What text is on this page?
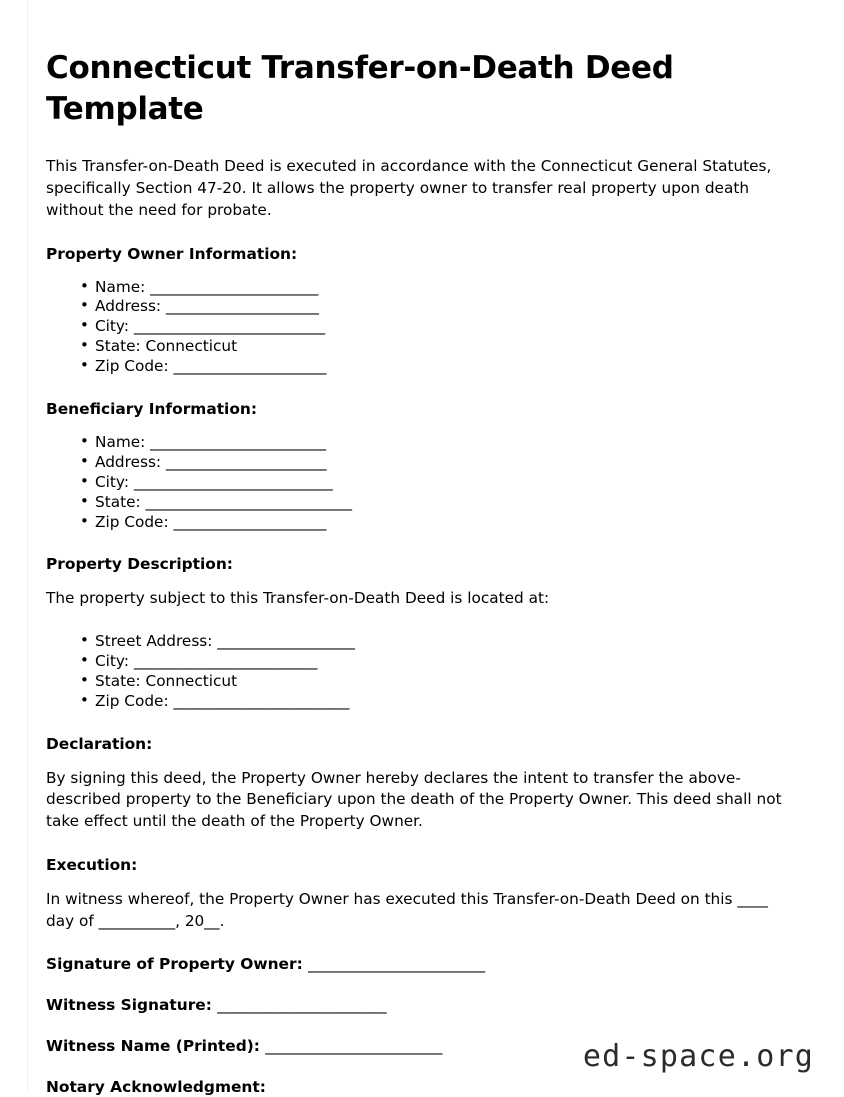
Connecticut Transfer-on-Death Deed Template

This Transfer-on-Death Deed is executed in accordance with the Connecticut General Statutes, specifically Section 47-20. It allows the property owner to transfer real property upon death without the need for probate.

Property Owner Information:
• Name: ______________________
• Address: ____________________
• City: _________________________
• State: Connecticut
• Zip Code: ____________________
Beneficiary Information:
• Name: _______________________
• Address: _____________________
• City: __________________________
• State: ___________________________
• Zip Code: ____________________
Property Description:

The property subject to this Transfer-on-Death Deed is located at:

• Street Address: __________________
• City: ________________________
• State: Connecticut
• Zip Code: _______________________
Declaration:

By signing this deed, the Property Owner hereby declares the intent to transfer the above-described property to the Beneficiary upon the death of the Property Owner. This deed shall not take effect until the death of the Property Owner.

Execution:

In witness whereof, the Property Owner has executed this Transfer-on-Death Deed on this ____ day of __________, 20__.

Signature of Property Owner: _______________________
Witness Signature: ______________________
Witness Name (Printed): _______________________
Notary Acknowledgment:
ed-space.org
